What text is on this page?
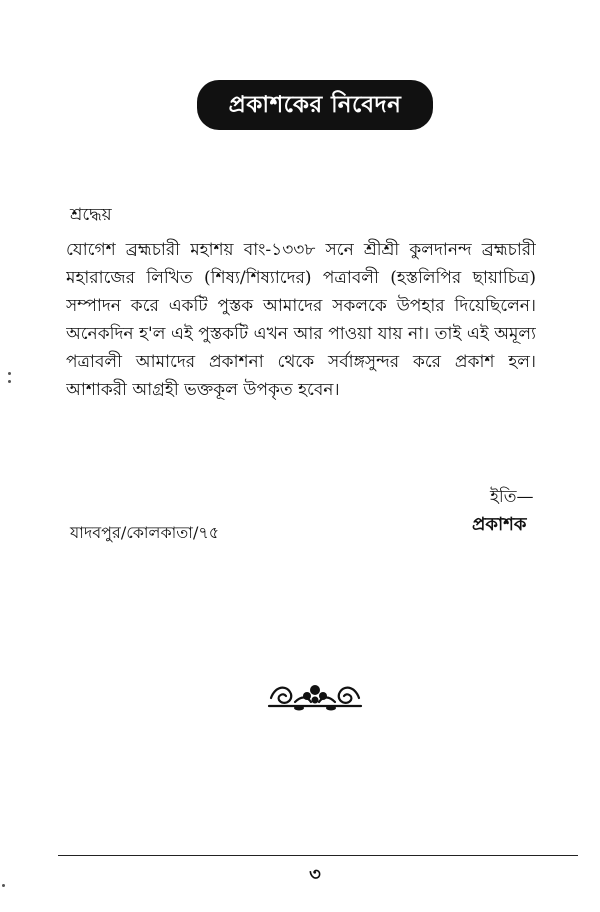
প্রকাশকের নিবেদন
শ্রদ্ধেয়
যোগেশ ব্রহ্মচারী মহাশয় বাং-১৩৩৮ সনে শ্রীশ্রী কুলদানন্দ ব্রহ্মচারী
মহারাজের লিখিত (শিষ্য/শিষ্যাদের) পত্রাবলী (হস্তলিপির ছায়াচিত্র)
সম্পাদন করে একটি পুস্তক আমাদের সকলকে উপহার দিয়েছিলেন।
অনেকদিন হ'ল এই পুস্তকটি এখন আর পাওয়া যায় না। তাই এই অমূল্য
পত্রাবলী আমাদের প্রকাশনা থেকে সর্বাঙ্গসুন্দর করে প্রকাশ হল।
আশাকরী আগ্রহী ভক্তকূল উপকৃত হবেন।
ইতি—
প্রকাশক
যাদবপুর/কোলকাতা/৭৫
৩
